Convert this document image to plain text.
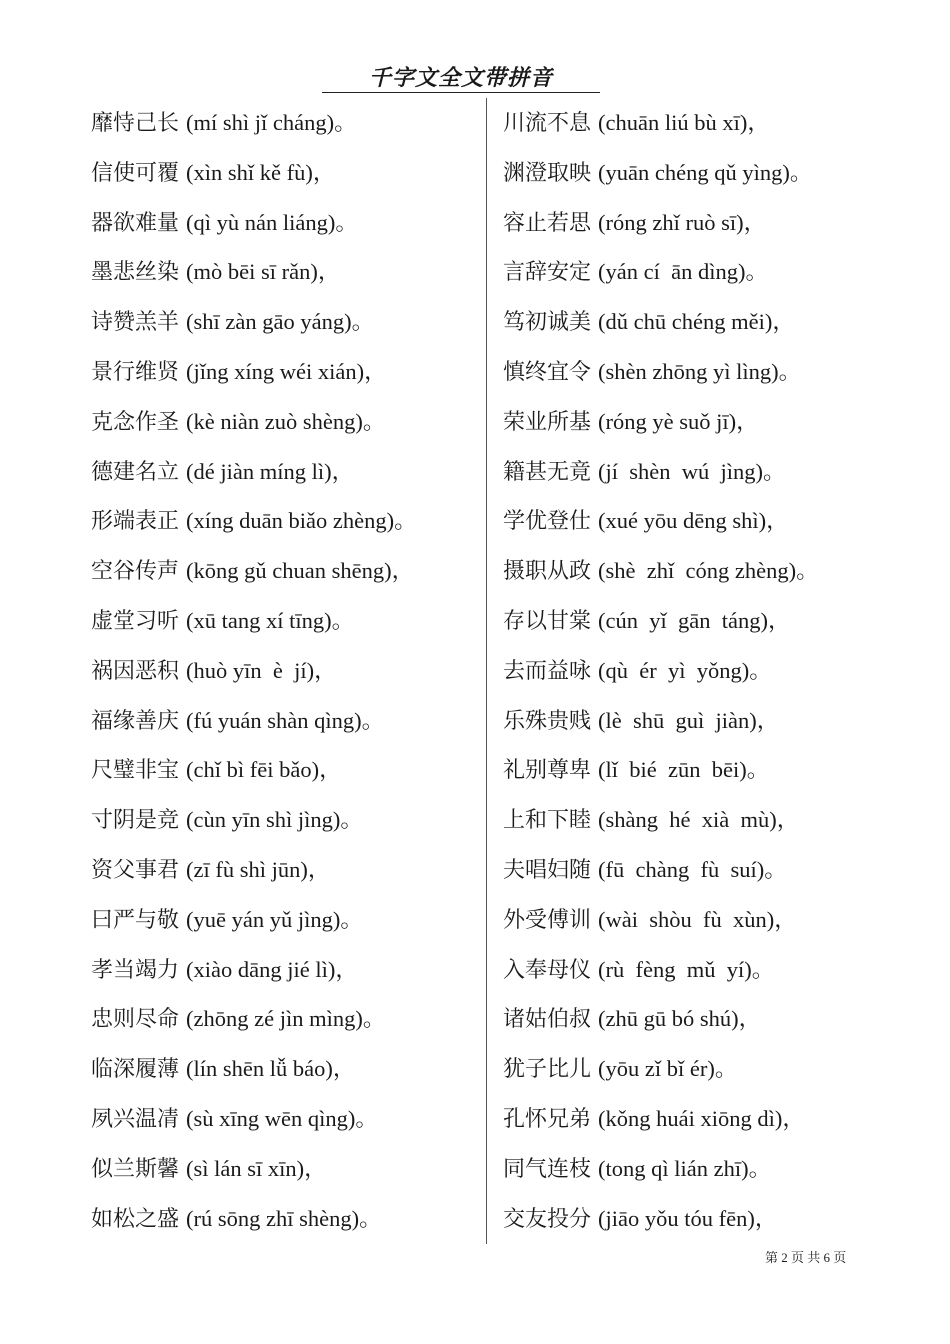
千字文全文带拼音
靡恃己长 (mí shì jǐ cháng)。
信使可覆 (xìn shǐ kě fù)，
器欲难量 (qì yù nán liáng)。
墨悲丝染 (mò bēi sī rǎn)，
诗赞羔羊 (shī zàn gāo yáng)。
景行维贤 (jǐng xíng wéi xián)，
克念作圣 (kè niàn zuò shèng)。
德建名立 (dé jiàn míng lì)，
形端表正 (xíng duān biǎo zhèng)。
空谷传声 (kōng gǔ chuan shēng)，
虚堂习听 (xū tang xí tīng)。
祸因恶积 (huò yīn  è  jí)，
福缘善庆 (fú yuán shàn qìng)。
尺璧非宝 (chǐ bì fēi bǎo)，
寸阴是竞 (cùn yīn shì jìng)。
资父事君 (zī fù shì jūn)，
曰严与敬 (yuē yán yǔ jìng)。
孝当竭力 (xiào dāng jié lì)，
忠则尽命 (zhōng zé jìn mìng)。
临深履薄 (lín shēn lǚ báo)，
夙兴温凊 (sù xīng wēn qìng)。
似兰斯馨 (sì lán sī xīn)，
如松之盛 (rú sōng zhī shèng)。
川流不息 (chuān liú bù xī)，
渊澄取映 (yuān chéng qǔ yìng)。
容止若思 (róng zhǐ ruò sī)，
言辞安定 (yán cí  ān dìng)。
笃初诚美 (dǔ chū chéng měi)，
慎终宜令 (shèn zhōng yì lìng)。
荣业所基 (róng yè suǒ jī)，
籍甚无竟 (jí  shèn  wú  jìng)。
学优登仕 (xué yōu dēng shì)，
摄职从政 (shè  zhǐ  cóng zhèng)。
存以甘棠 (cún  yǐ  gān  táng)，
去而益咏 (qù  ér  yì  yǒng)。
乐殊贵贱 (lè  shū  guì  jiàn)，
礼别尊卑 (lǐ  bié  zūn  bēi)。
上和下睦 (shàng  hé  xià  mù)，
夫唱妇随 (fū  chàng  fù  suí)。
外受傅训 (wài  shòu  fù  xùn)，
入奉母仪 (rù  fèng  mǔ  yí)。
诸姑伯叔 (zhū gū bó shú)，
犹子比儿 (yōu zǐ bǐ ér)。
孔怀兄弟 (kǒng huái xiōng dì)，
同气连枝 (tong qì lián zhī)。
交友投分 (jiāo yǒu tóu fēn)，
第 2 页 共 6 页
